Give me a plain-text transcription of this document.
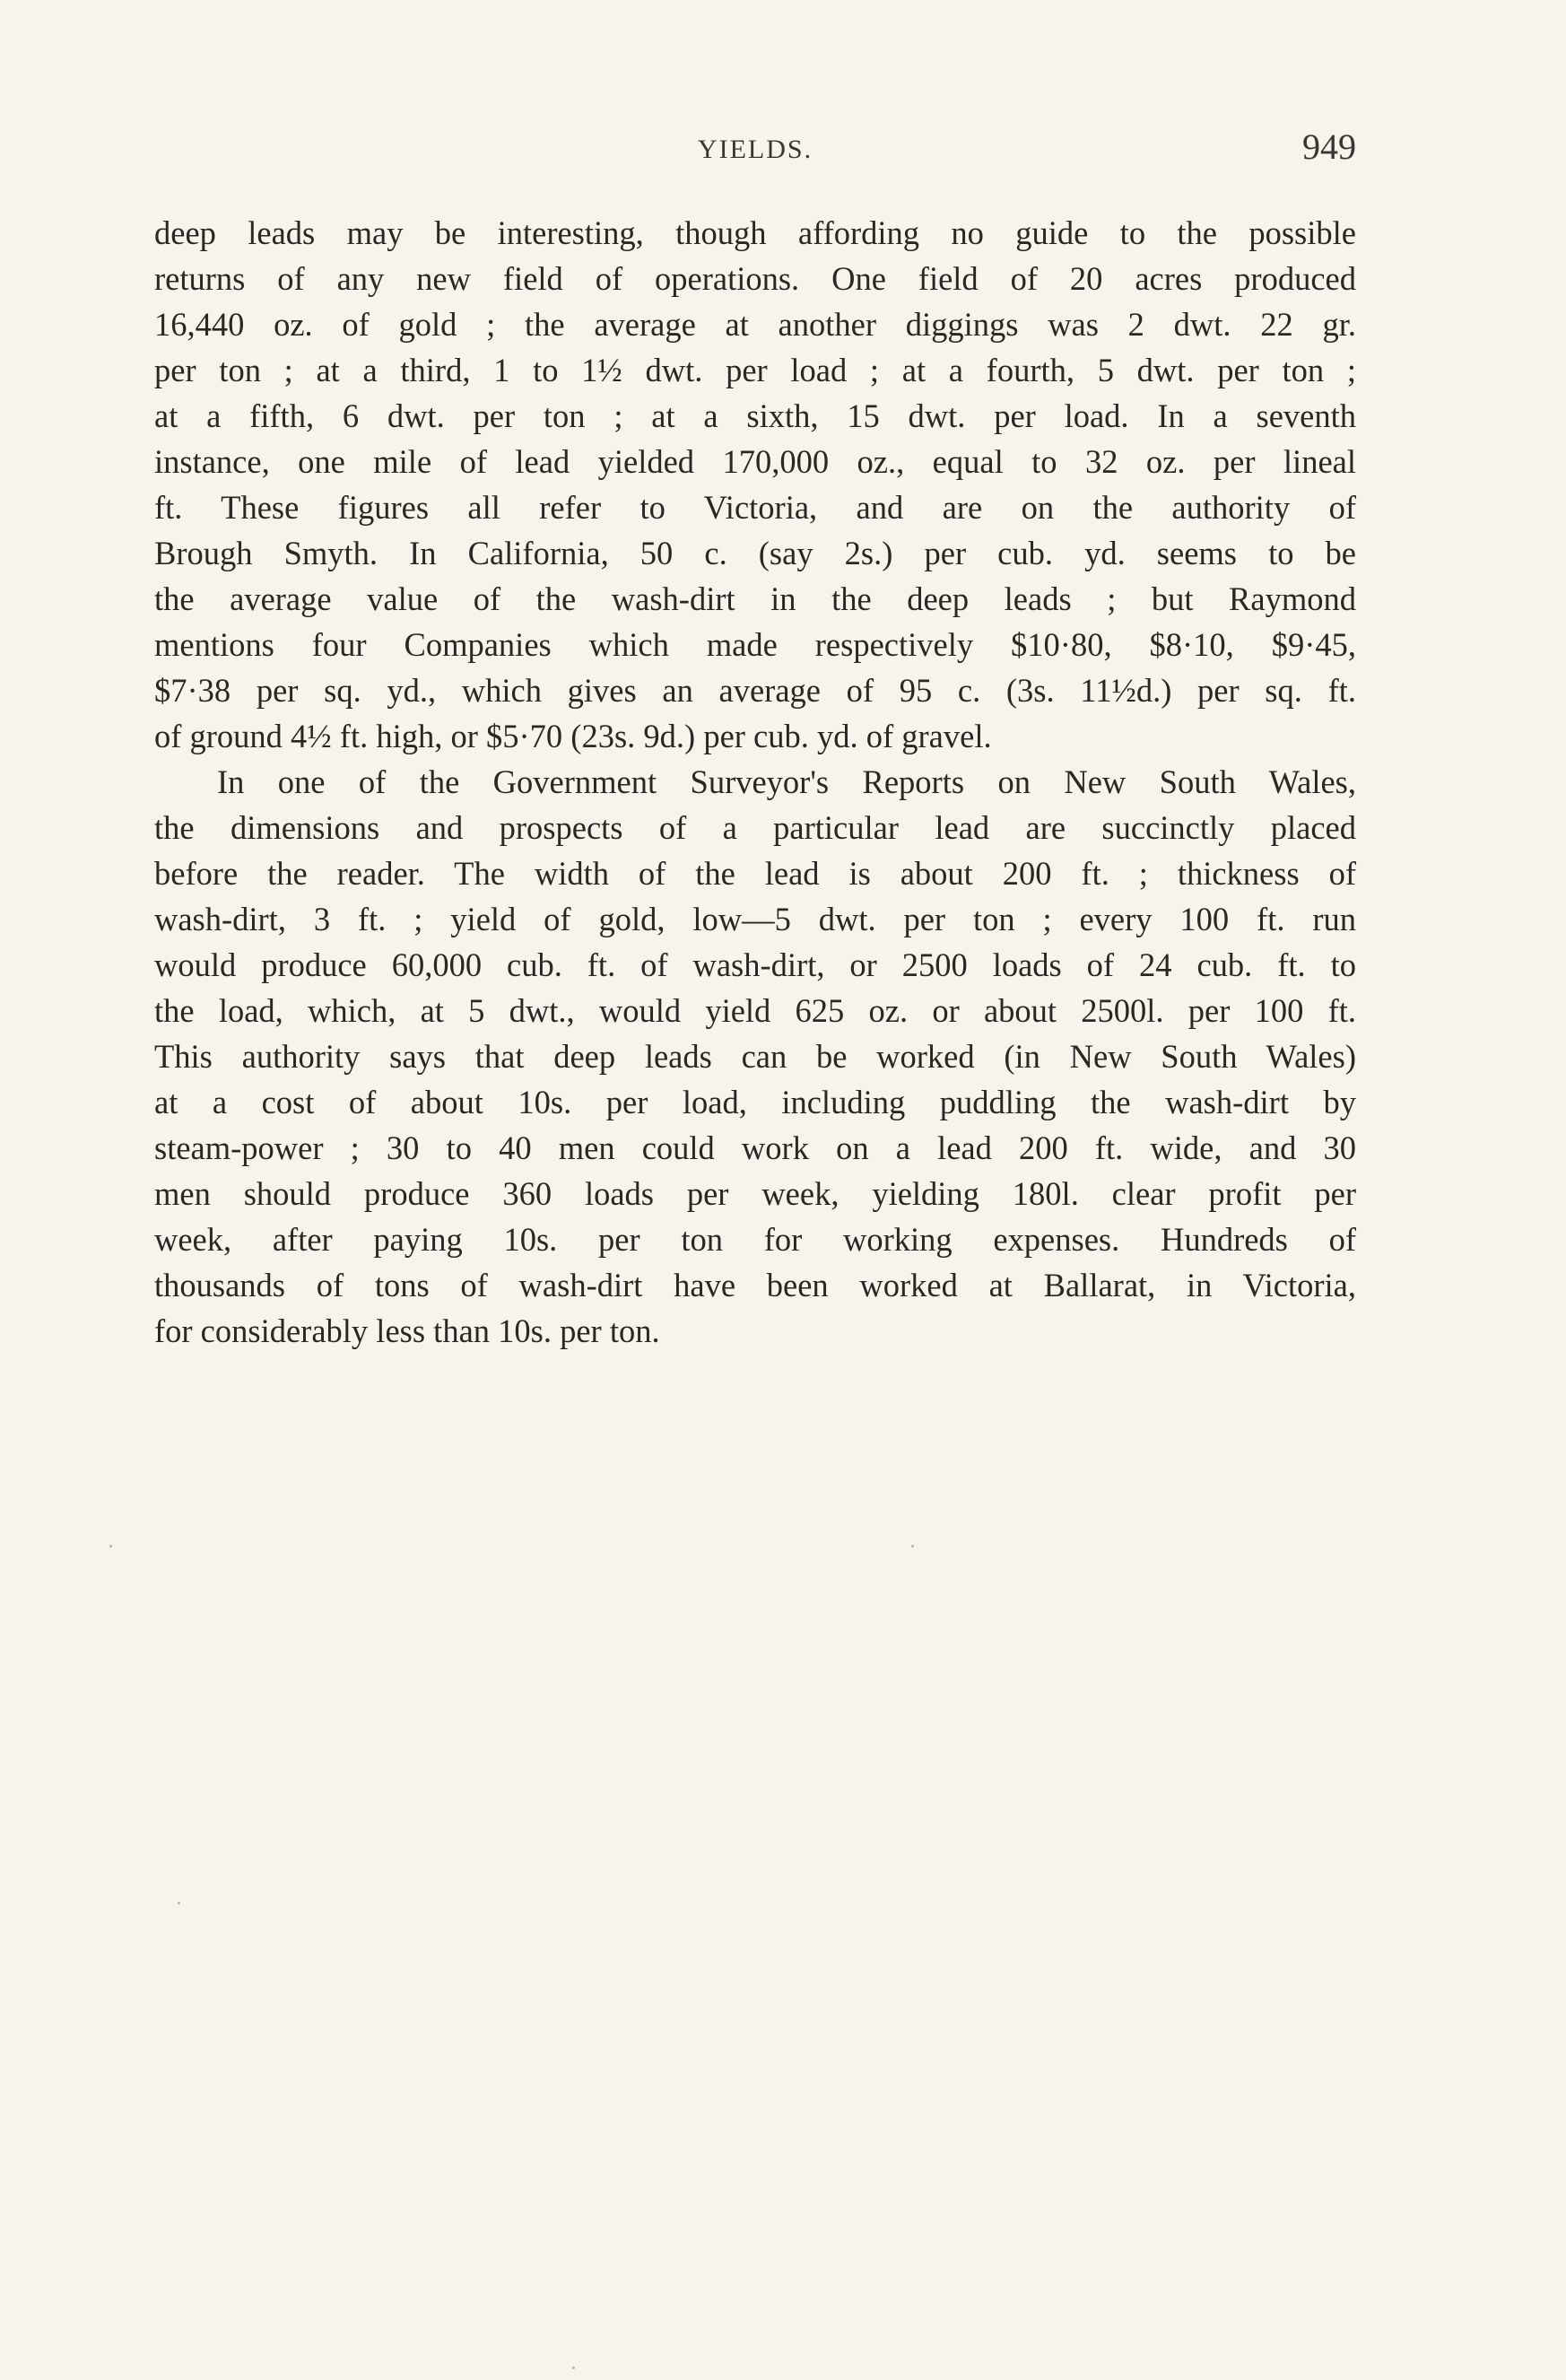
YIELDS.	949
deep leads may be interesting, though affording no guide to the possible
returns of any new field of operations. One field of 20 acres produced
16,440 oz. of gold ; the average at another diggings was 2 dwt. 22 gr.
per ton ; at a third, 1 to 1½ dwt. per load ; at a fourth, 5 dwt. per ton ;
at a fifth, 6 dwt. per ton ; at a sixth, 15 dwt. per load. In a seventh
instance, one mile of lead yielded 170,000 oz., equal to 32 oz. per lineal
ft. These figures all refer to Victoria, and are on the authority of
Brough Smyth. In California, 50 c. (say 2s.) per cub. yd. seems to be
the average value of the wash-dirt in the deep leads ; but Raymond
mentions four Companies which made respectively $10·80, $8·10, $9·45,
$7·38 per sq. yd., which gives an average of 95 c. (3s. 11½d.) per sq. ft.
of ground 4½ ft. high, or $5·70 (23s. 9d.) per cub. yd. of gravel.
In one of the Government Surveyor's Reports on New South Wales,
the dimensions and prospects of a particular lead are succinctly placed
before the reader. The width of the lead is about 200 ft. ; thickness of
wash-dirt, 3 ft. ; yield of gold, low—5 dwt. per ton ; every 100 ft. run
would produce 60,000 cub. ft. of wash-dirt, or 2500 loads of 24 cub. ft. to
the load, which, at 5 dwt., would yield 625 oz. or about 2500l. per 100 ft.
This authority says that deep leads can be worked (in New South Wales)
at a cost of about 10s. per load, including puddling the wash-dirt by
steam-power ; 30 to 40 men could work on a lead 200 ft. wide, and 30
men should produce 360 loads per week, yielding 180l. clear profit per
week, after paying 10s. per ton for working expenses. Hundreds of
thousands of tons of wash-dirt have been worked at Ballarat, in Victoria,
for considerably less than 10s. per ton.
